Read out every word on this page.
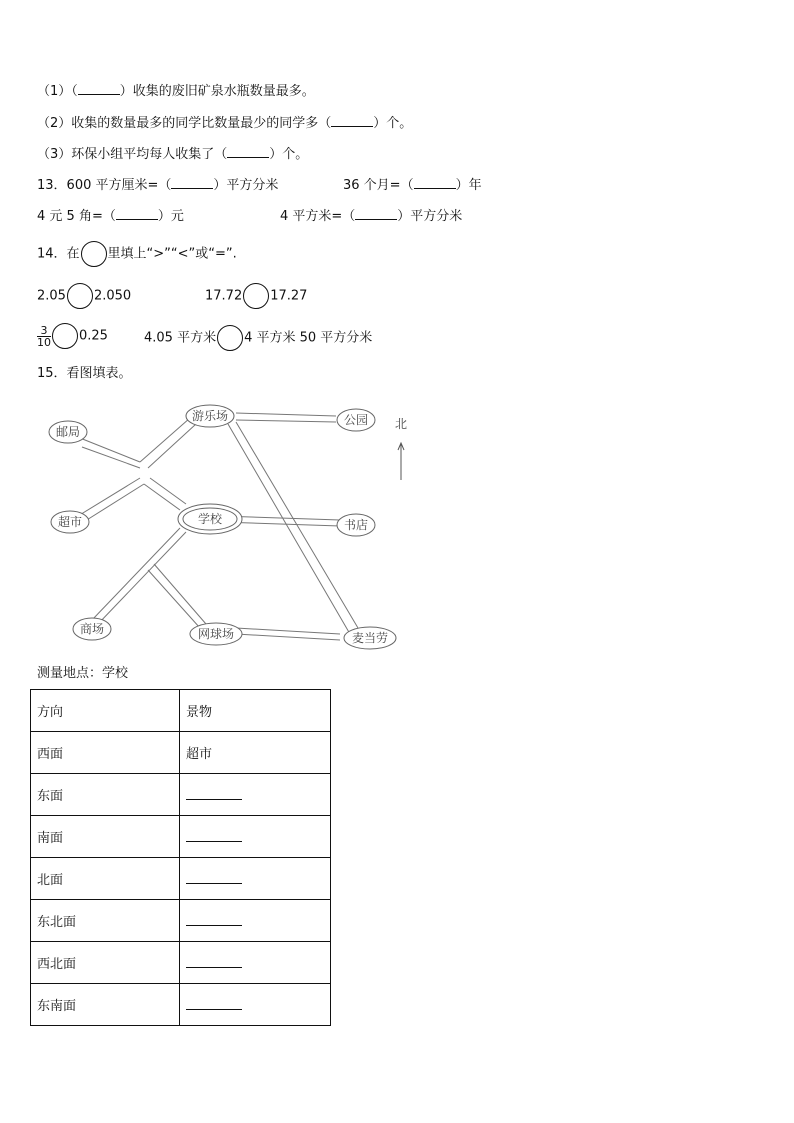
（1）（	）收集的废旧矿泉水瓶数量最多。
（2）收集的数量最多的同学比数量最少的同学多（	）个。
（3）环保小组平均每人收集了（	）个。
13．600 平方厘米=（	）平方分米	36 个月=（	）年
4 元 5 角=（	）元	4 平方米=（	）平方分米
14．在 里填上“>”“<”或“=”.
2.05 2.050	17.72 17.27
$\frac{3}{10} 0.25$	4.05 平方米 4 平方米 50 平方分米
15．看图填表。
游乐场	公园
邮局
超市	学校	书店
商场	网球场	麦当劳
北
测量地点：学校
方向	景物
西面	超市
东面	
南面	
北面	
东北面	
西北面	
东南面	
